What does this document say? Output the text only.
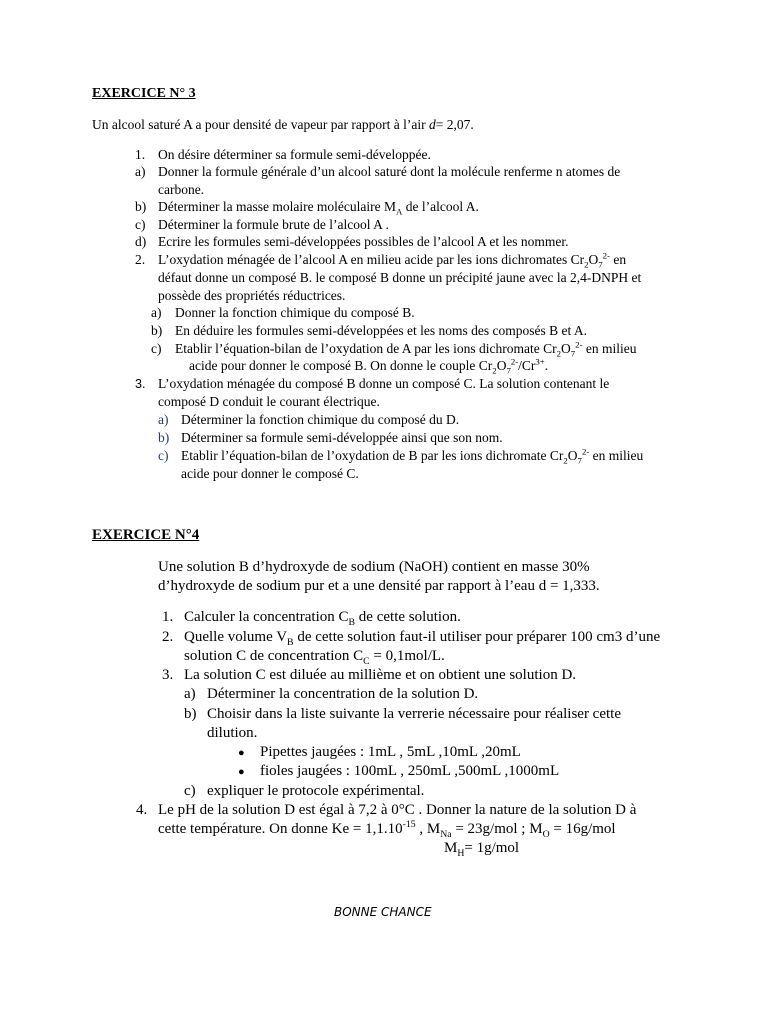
EXERCICE N° 3
Un alcool saturé A a pour densité de vapeur par rapport à l’air d= 2,07.
1. On désire déterminer sa formule semi-développée.
a) Donner la formule générale d’un alcool saturé dont la molécule renferme n atomes de
carbone.
b) Déterminer la masse molaire moléculaire $M_A$ de l’alcool A.
c) Déterminer la formule brute de l’alcool A .
d) Ecrire les formules semi-développées possibles de l’alcool A et les nommer.
2. L’oxydation ménagée de l’alcool A en milieu acide par les ions dichromates $Cr_2O_7^{2-}$ en
défaut donne un composé B. le composé B donne un précipité jaune avec la 2,4-DNPH et
possède des propriétés réductrices.
a) Donner la fonction chimique du composé B.
b) En déduire les formules semi-développées et les noms des composés B et A.
c) Etablir l’équation-bilan de l’oxydation de A par les ions dichromate $Cr_2O_7^{2-}$ en milieu
acide pour donner le composé B. On donne le couple $Cr_2O_7^{2-}/Cr^{3+}$.
3. L’oxydation ménagée du composé B donne un composé C. La solution contenant le
composé D conduit le courant électrique.
a) Déterminer la fonction chimique du composé du D.
b) Déterminer sa formule semi-développée ainsi que son nom.
c) Etablir l’équation-bilan de l’oxydation de B par les ions dichromate $Cr_2O_7^{2-}$ en milieu
acide pour donner le composé C.
EXERCICE N°4
Une solution B d’hydroxyde de sodium (NaOH) contient en masse 30%
d’hydroxyde de sodium pur et a une densité par rapport à l’eau d = 1,333.
1. Calculer la concentration $C_B$ de cette solution.
2. Quelle volume $V_B$ de cette solution faut-il utiliser pour préparer 100 cm3 d’une
solution C de concentration $C_C = 0,1mol/L$.
3. La solution C est diluée au millième et on obtient une solution D.
a) Déterminer la concentration de la solution D.
b) Choisir dans la liste suivante la verrerie nécessaire pour réaliser cette
dilution.
● Pipettes jaugées : 1mL , 5mL ,10mL ,20mL
● fioles jaugées : 100mL , 250mL ,500mL ,1000mL
c) expliquer le protocole expérimental.
4. Le pH de la solution D est égal à 7,2 à 0°C . Donner la nature de la solution D à
cette température. On donne $Ke = 1,1.10^{-15}$ , $M_{Na} = 23g/mol$ ; $M_O = 16g/mol$
$M_H= 1g/mol$
BONNE CHANCE
